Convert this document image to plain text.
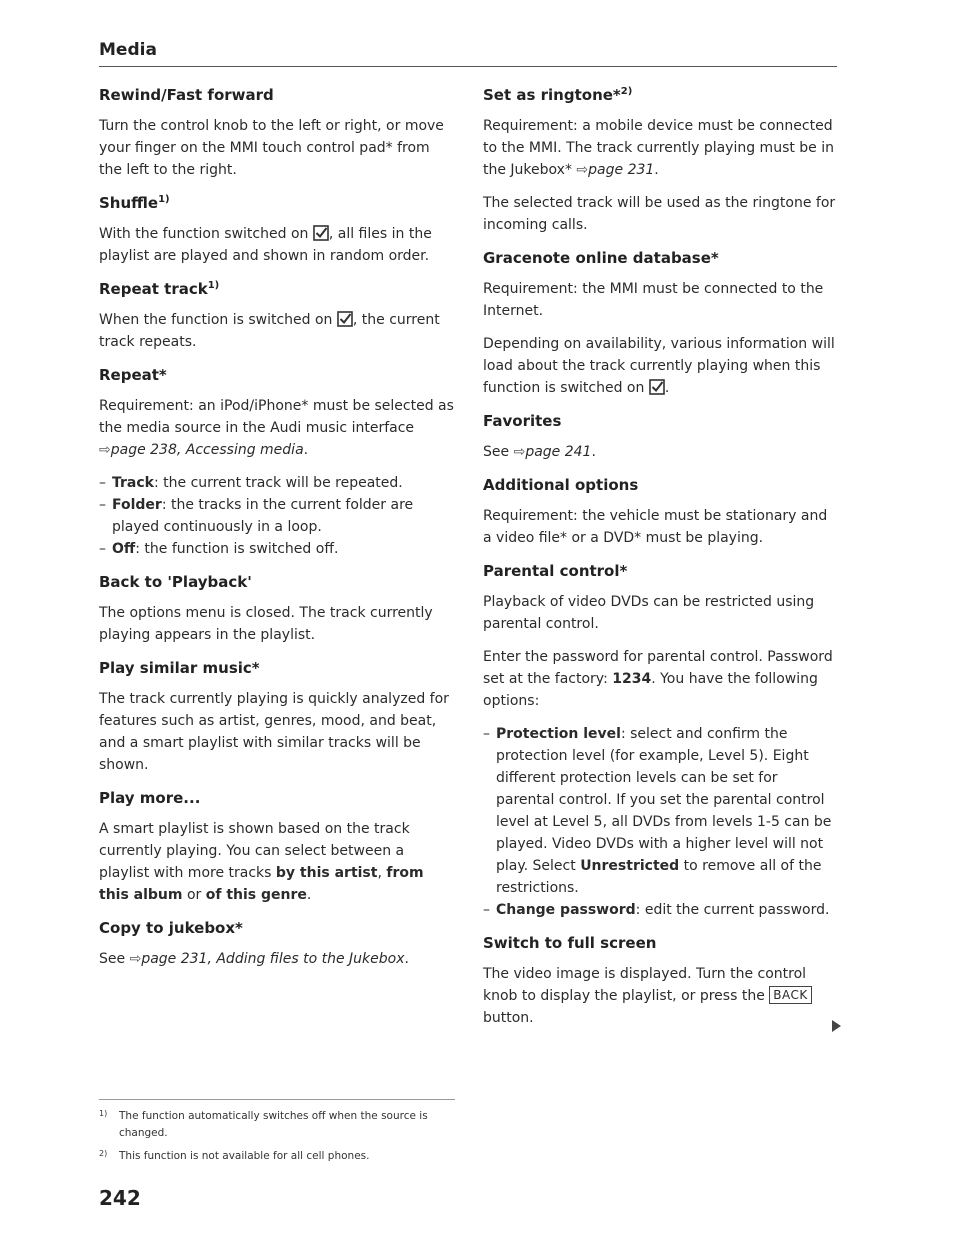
Media
Rewind/Fast forward

Turn the control knob to the left or right, or move your finger on the MMI touch control pad* from the left to the right.

Shuffle$^{1)}$

With the function switched on , all files in the playlist are played and shown in random order.

Repeat track$^{1)}$

When the function is switched on , the current track repeats.

Repeat*

Requirement: an iPod/iPhone* must be selected as the media source in the Audi music interface
⇨page 238, Accessing media.

– Track: the current track will be repeated.
– Folder: the tracks in the current folder are played continuously in a loop.
– Off: the function is switched off.
Back to 'Playback'

The options menu is closed. The track currently playing appears in the playlist.

Play similar music*

The track currently playing is quickly analyzed for features such as artist, genres, mood, and beat, and a smart playlist with similar tracks will be shown.

Play more...

A smart playlist is shown based on the track currently playing. You can select between a playlist with more tracks by this artist, from this album or of this genre.

Copy to jukebox*

See ⇨page 231, Adding files to the Jukebox.

Set as ringtone*$^{2)}$

Requirement: a mobile device must be connected to the MMI. The track currently playing must be in the Jukebox* ⇨page 231.

The selected track will be used as the ringtone for incoming calls.

Gracenote online database*

Requirement: the MMI must be connected to the Internet.

Depending on availability, various information will load about the track currently playing when this function is switched on .

Favorites

See ⇨page 241.

Additional options

Requirement: the vehicle must be stationary and a video file* or a DVD* must be playing.

Parental control*

Playback of video DVDs can be restricted using parental control.

Enter the password for parental control. Password set at the factory: 1234. You have the following options:

– Protection level: select and confirm the protection level (for example, Level 5). Eight different protection levels can be set for parental control. If you set the parental control level at Level 5, all DVDs from levels 1-5 can be played. Video DVDs with a higher level will not play. Select Unrestricted to remove all of the restrictions.
– Change password: edit the current password.
Switch to full screen

The video image is displayed. Turn the control knob to display the playlist, or press the BACK
button.

1) The function automatically switches off when the source is changed.
2) This function is not available for all cell phones.
242
